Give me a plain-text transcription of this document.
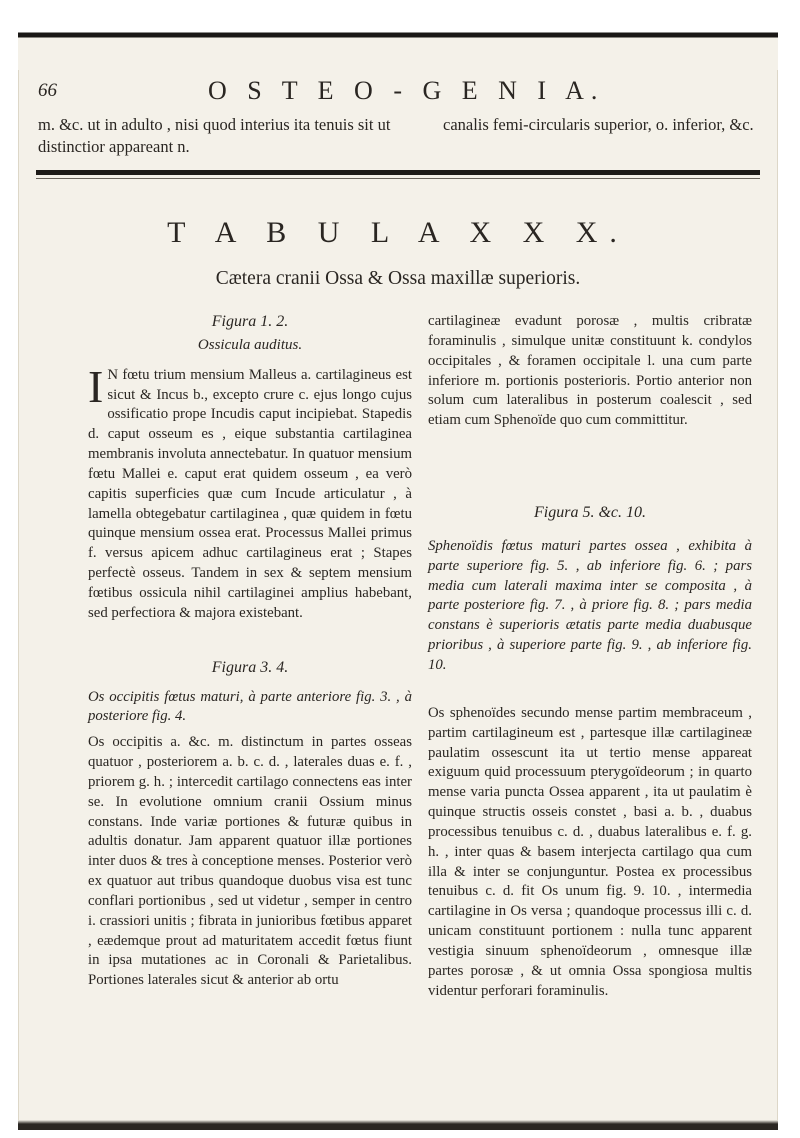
66	O S T E O - G E N I A.
m. &c. ut in adulto , nisi quod interius ita tenuis sit ut distinctior appareant n.
canalis femi-circularis superior, o. inferior, &c.
T A B U L A X X X.
Cætera cranii Ossa & Ossa maxillæ superioris.

Figura 1. 2.

Ossicula auditus.

I N fœtu trium mensium Malleus a. cartilagineus est sicut & Incus b., excepto crure c. ejus longo cujus ossificatio prope Incudis caput incipiebat. Stapedis d. caput osseum es , eique substantia cartilaginea membranis involuta annectebatur. In quatuor mensium fœtu Mallei e. caput erat quidem osseum , ea verò capitis superficies quæ cum Incude articulatur , à lamella obtegebatur cartilaginea , quæ quidem in fœtu quinque mensium ossea erat. Processus Mallei primus f. versus apicem adhuc cartilagineus erat ; Stapes perfectè osseus. Tandem in sex & septem mensium fœtibus ossicula nihil cartilaginei amplius habebant, sed perfectiora & majora existebant.

Figura 3. 4.

Os occipitis fœtus maturi, à parte anteriore fig. 3. , à posteriore fig. 4.

Os occipitis a. &c. m. distinctum in partes osseas quatuor , posteriorem a. b. c. d. , laterales duas e. f. , priorem g. h. ; intercedit cartilago connectens eas inter se. In evolutione omnium cranii Ossium minus constans. Inde variæ portiones & futuræ quibus in adultis donatur. Jam apparent quatuor illæ portiones inter duos & tres à conceptione menses. Posterior verò ex quatuor aut tribus quandoque duobus visa est tunc conflari portionibus , sed ut videtur , semper in centro i. crassiori unitis ; fibrata in junioribus fœtibus apparet , eædemque prout ad maturitatem accedit fœtus fiunt in ipsa mutationes ac in Coronali & Parietalibus. Portiones laterales sicut & anterior ab ortu

cartilagineæ evadunt porosæ , multis cribratæ foraminulis , simulque unitæ constituunt k. condylos occipitales , & foramen occipitale l. una cum parte inferiore m. portionis posterioris. Portio anterior non solum cum lateralibus in posterum coalescit , sed etiam cum Sphenoïde quo cum committitur.

Figura 5. &c. 10.

Sphenoïdis fœtus maturi partes ossea , exhibita à parte superiore fig. 5. , ab inferiore fig. 6. ; pars media cum laterali maxima inter se composita , à parte posteriore fig. 7. , à priore fig. 8. ; pars media constans è superioris ætatis parte media duabusque prioribus , à superiore parte fig. 9. , ab inferiore fig. 10.

Os sphenoïdes secundo mense partim membraceum , partim cartilagineum est , partesque illæ cartilagineæ paulatim ossescunt ita ut tertio mense appareat exiguum quid processuum pterygoïdeorum ; in quarto mense varia puncta Ossea apparent , ita ut paulatim è quinque structis osseis constet , basi a. b. , duabus processibus tenuibus c. d. , duabus lateralibus e. f. g. h. , inter quas & basem interjecta cartilago qua cum illa & inter se conjunguntur. Postea ex processibus tenuibus c. d. fit Os unum fig. 9. 10. , intermedia cartilagine in Os versa ; quandoque processus illi c. d. unicam constituunt portionem : nulla tunc apparent vestigia sinuum sphenoïdeorum , omnesque illæ partes porosæ , & ut omnia Ossa spongiosa multis videntur perforari foraminulis.
